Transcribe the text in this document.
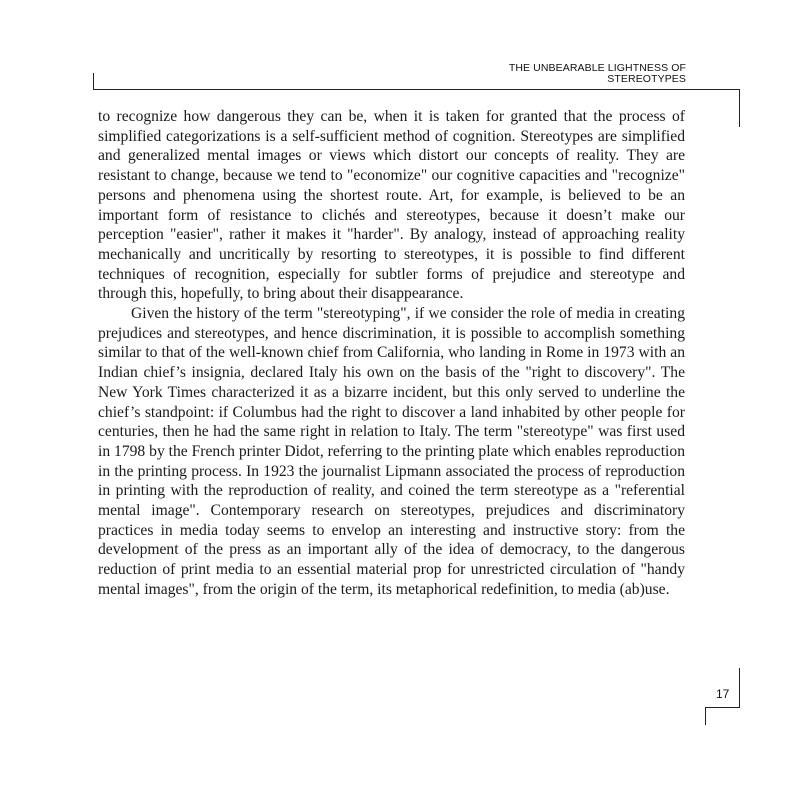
THE UNBEARABLE LIGHTNESS OF
STEREOTYPES

to recognize how dangerous they can be, when it is taken for granted that the process of simplified categorizations is a self-sufficient method of cognition. Stereotypes are simplified and generalized mental images or views which distort our concepts of reality. They are resistant to change, because we tend to "economize" our cognitive capacities and "recognize" persons and phenomena using the shortest route. Art, for example, is believed to be an important form of resistance to clichés and stereotypes, because it doesn’t make our perception "easier", rather it makes it "harder". By analogy, instead of approaching reality mechanically and uncritically by resorting to stereotypes, it is possible to find different techniques of recognition, especially for subtler forms of prejudice and stereotype and through this, hopefully, to bring about their disappearance.

Given the history of the term "stereotyping", if we consider the role of media in creating prejudices and stereotypes, and hence discrimination, it is possible to accomplish something similar to that of the well-known chief from California, who landing in Rome in 1973 with an Indian chief’s insignia, declared Italy his own on the basis of the "right to discovery". The New York Times characterized it as a bizarre incident, but this only served to underline the chief’s standpoint: if Columbus had the right to discover a land inhabited by other people for centuries, then he had the same right in relation to Italy. The term "stereotype" was first used in 1798 by the French printer Didot, referring to the printing plate which enables reproduction in the printing process. In 1923 the journalist Lipmann associated the process of reproduction in printing with the reproduction of reality, and coined the term stereotype as a "referential mental image". Contemporary research on stereotypes, prejudices and discriminatory practices in media today seems to envelop an interesting and instructive story: from the development of the press as an important ally of the idea of democracy, to the dangerous reduction of print media to an essential material prop for unrestricted circulation of "handy mental images", from the origin of the term, its metaphorical redefinition, to media (ab)use.

17
